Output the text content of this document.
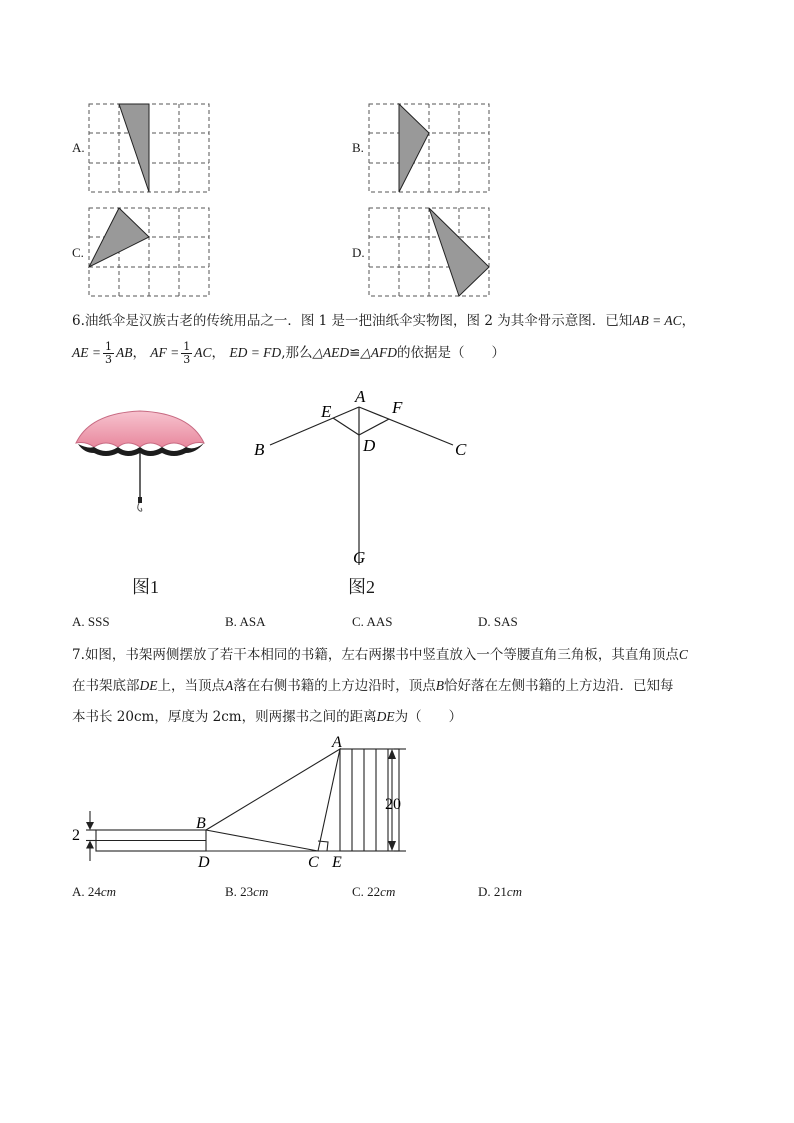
A.	B.
C.	D.
6.油纸伞是汉族古老的传统用品之一．图 1 是一把油纸伞实物图，图 2 为其伞骨示意图．已知AB = AC，
AE = $\frac{1}{3}$ AB， AF = $\frac{1}{3}$ AC， ED = FD,那么△AED≌△AFD的依据是（　　）
图1
A
E	F
D
B	C
G
图2
A. SSS	B. ASA	C. AAS	D. SAS
7.如图，书架两侧摆放了若干本相同的书籍，左右两摞书中竖直放入一个等腰直角三角板，其直角顶点C
在书架底部DE上，当顶点A落在右侧书籍的上方边沿时，顶点B恰好落在左侧书籍的上方边沿．已知每
本书长 20cm，厚度为 2cm，则两摞书之间的距离DE为（　　）
A
B
D	C E
20
2
A. 24cm	B. 23cm	C. 22cm	D. 21cm
